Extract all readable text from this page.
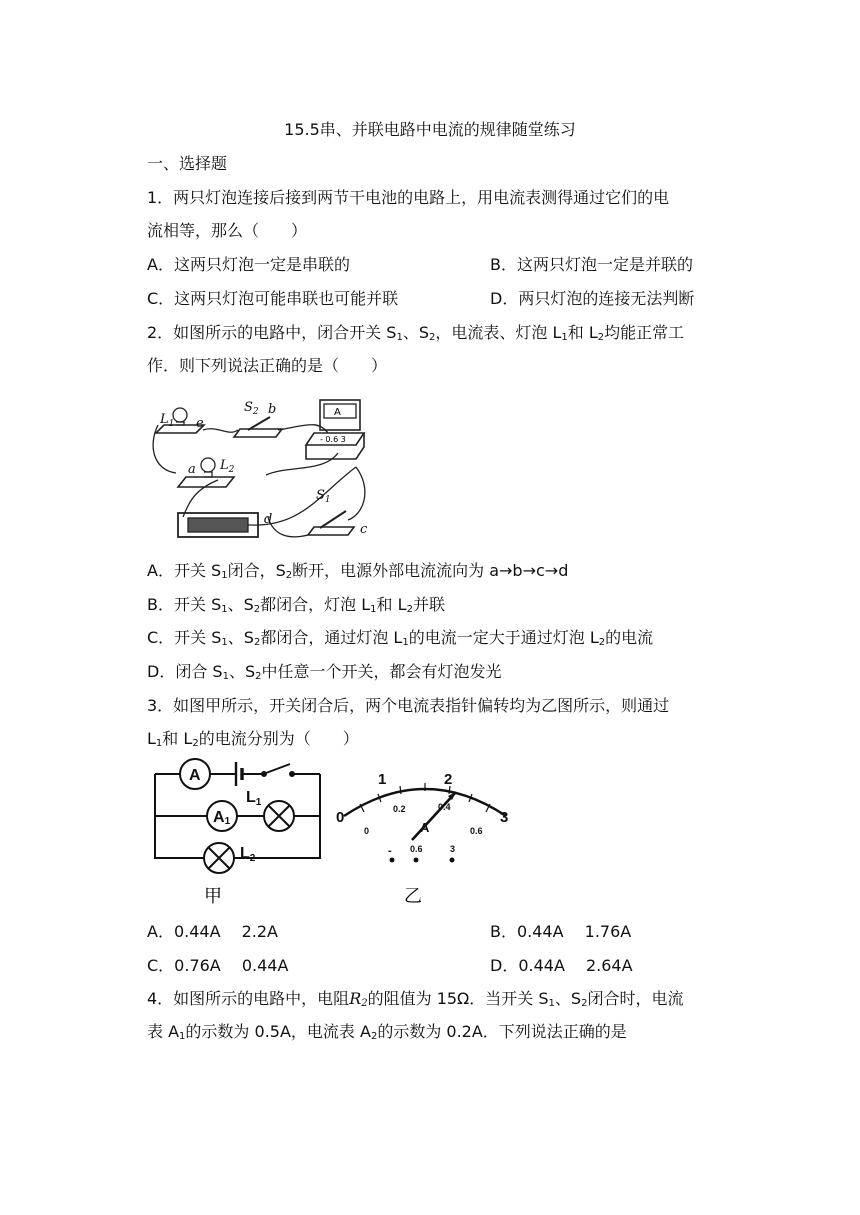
15.5串、并联电路中电流的规律随堂练习
一、选择题
1．两只灯泡连接后接到两节干电池的电路上，用电流表测得通过它们的电
流相等，那么（　　）
A．这两只灯泡一定是串联的	B．这两只灯泡一定是并联的
C．这两只灯泡可能串联也可能并联	D．两只灯泡的连接无法判断
2．如图所示的电路中，闭合开关 $S_1$、$S_2$，电流表、灯泡 $L_1$和 $L_2$均能正常工
作．则下列说法正确的是（　　）
$L_1$ e
$S_2$ b
a $L_2$
$S_1$
d
c
A
- 0.6 3
A．开关 $S_1$闭合，$S_2$断开，电源外部电流流向为 a→b→c→d
B．开关 $S_1$、$S_2$都闭合，灯泡 $L_1$和 $L_2$并联
C．开关 $S_1$、$S_2$都闭合，通过灯泡 $L_1$的电流一定大于通过灯泡 $L_2$的电流
D．闭合 $S_1$、$S_2$中任意一个开关，都会有灯泡发光
3．如图甲所示，开关闭合后，两个电流表指针偏转均为乙图所示，则通过
$L_1$和 $L_2$的电流分别为（　　）
A
A1
L1
L2
甲
0
1	2
3
0
0.2	0.4
0.6
A
- 0.6	3
乙
A．0.44A　 2.2A	B．0.44A　 1.76A
C．0.76A　 0.44A	D．0.44A　 2.64A
4．如图所示的电路中，电阻$R_2$的阻值为 15Ω．当开关 $S_1$、$S_2$闭合时，电流
表 $A_1$的示数为 0.5A，电流表 $A_2$的示数为 0.2A．下列说法正确的是
